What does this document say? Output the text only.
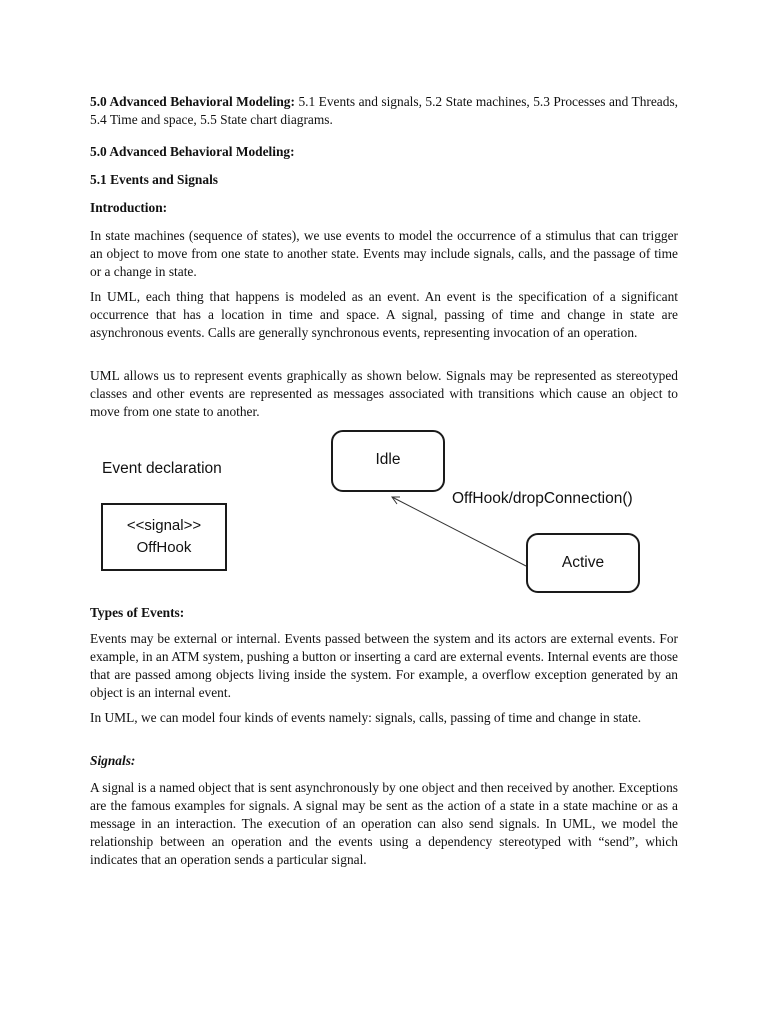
5.0 Advanced Behavioral Modeling: 5.1 Events and signals, 5.2 State machines, 5.3 Processes and Threads, 5.4 Time and space, 5.5 State chart diagrams.

5.0 Advanced Behavioral Modeling:

5.1 Events and Signals

Introduction:

In state machines (sequence of states), we use events to model the occurrence of a stimulus that can trigger an object to move from one state to another state. Events may include signals, calls, and the passage of time or a change in state.

In UML, each thing that happens is modeled as an event. An event is the specification of a significant occurrence that has a location in time and space. A signal, passing of time and change in state are asynchronous events. Calls are generally synchronous events, representing invocation of an operation.

UML allows us to represent events graphically as shown below. Signals may be represented as stereotyped classes and other events are represented as messages associated with transitions which cause an object to move from one state to another.

Event declaration
<<signal>>
OffHook
Idle
OffHook/dropConnection()
Active

Types of Events:

Events may be external or internal. Events passed between the system and its actors are external events. For example, in an ATM system, pushing a button or inserting a card are external events. Internal events are those that are passed among objects living inside the system. For example, a overflow exception generated by an object is an internal event.

In UML, we can model four kinds of events namely: signals, calls, passing of time and change in state.

Signals:

A signal is a named object that is sent asynchronously by one object and then received by another. Exceptions are the famous examples for signals. A signal may be sent as the action of a state in a state machine or as a message in an interaction. The execution of an operation can also send signals. In UML, we model the relationship between an operation and the events using a dependency stereotyped with “send”, which indicates that an operation sends a particular signal.
